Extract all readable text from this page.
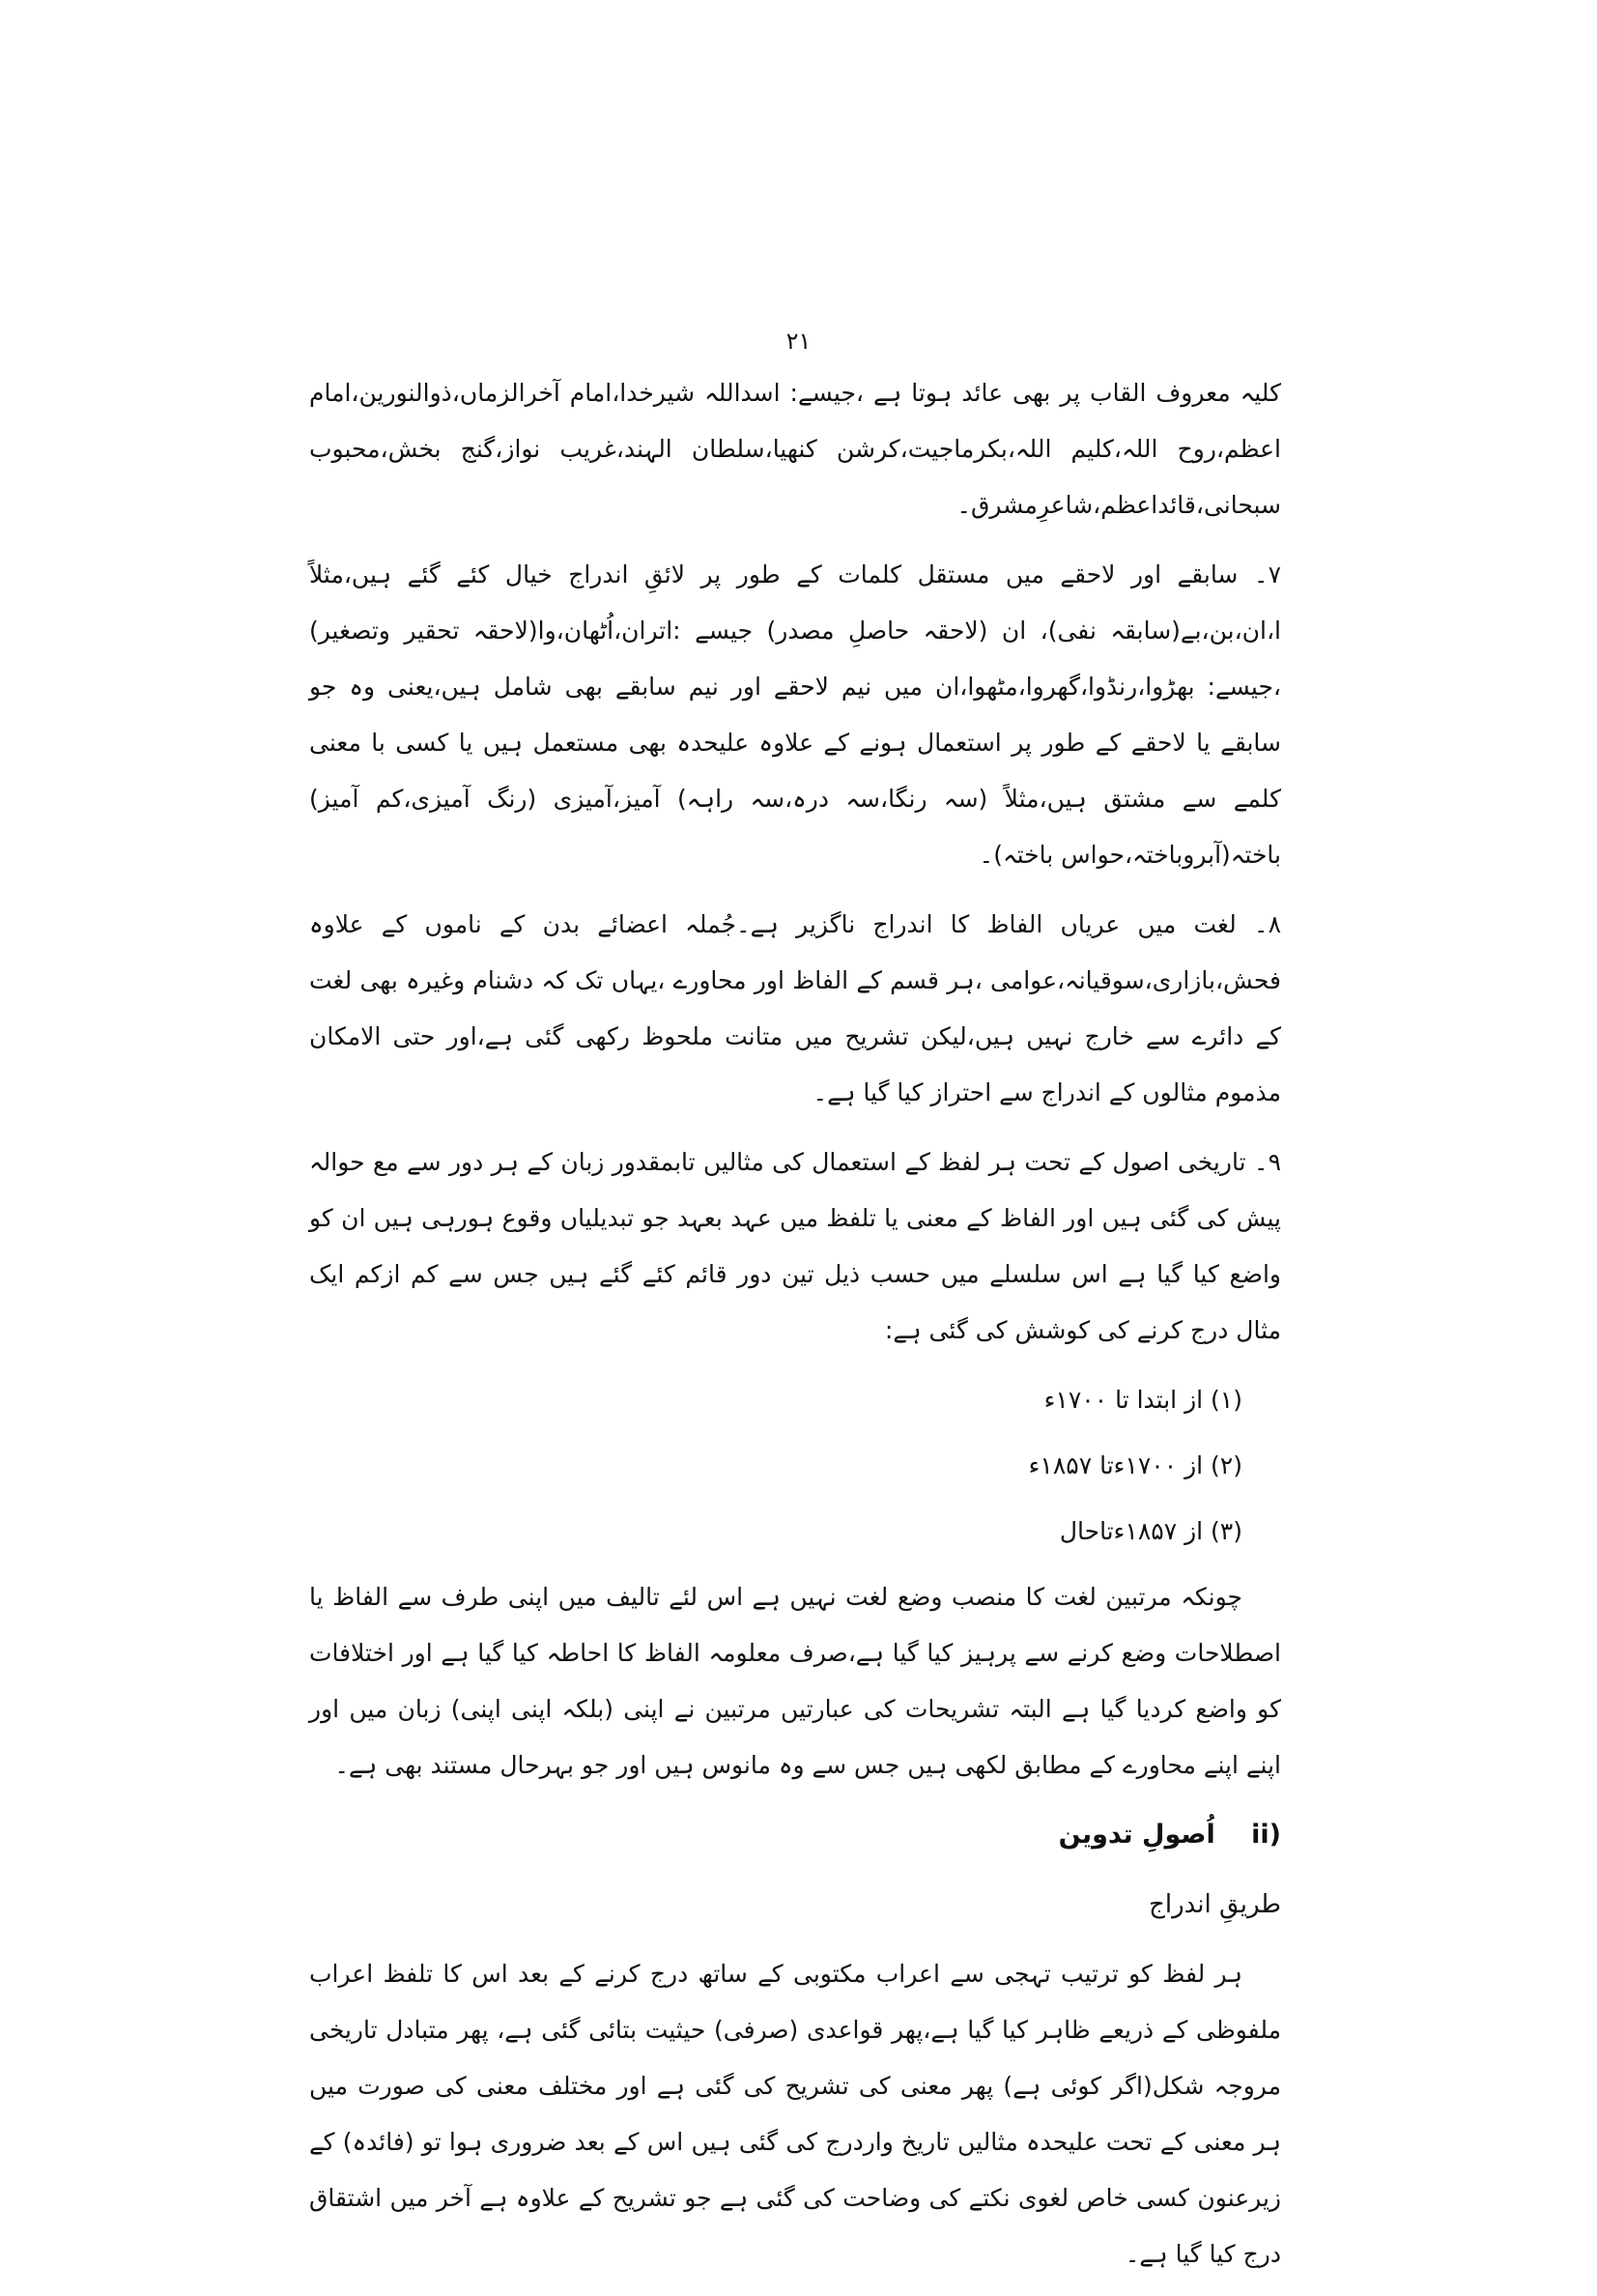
۲۱

کلیہ معروف القاب پر بھی عائد ہوتا ہے ،جیسے: اسداللہ شیرخدا،امام آخرالزماں،ذوالنورین،امام اعظم،روح اللہ،کلیم اللہ،بکرماجیت،کرشن کنھیا،سلطان الہند،غریب نواز،گنج بخش،محبوب سبحانی،قائداعظم،شاعرِمشرق۔

۷۔ سابقے اور لاحقے میں مستقل کلمات کے طور پر لائقِ اندراج خیال کئے گئے ہیں،مثلاً ا،ان،بن،بے(سابقہ نفی)، ان (لاحقہ حاصلِ مصدر) جیسے :اتران،اُٹھان،وا(لاحقہ تحقیر وتصغیر) ،جیسے: بھڑوا،رنڈوا،گھروا،مٹھوا،ان میں نیم لاحقے اور نیم سابقے بھی شامل ہیں،یعنی وہ جو سابقے یا لاحقے کے طور پر استعمال ہونے کے علاوہ علیحدہ بھی مستعمل ہیں یا کسی با معنی کلمے سے مشتق ہیں،مثلاً (سہ رنگا،سہ درہ،سہ راہہ) آمیز،آمیزی (رنگ آمیزی،کم آمیز) باختہ(آبروباختہ،حواس باختہ)۔

۸۔ لغت میں عریاں الفاظ کا اندراج ناگزیر ہے۔جُملہ اعضائے بدن کے ناموں کے علاوہ فحش،بازاری،سوقیانہ،عوامی ،ہر قسم کے الفاظ اور محاورے ،یہاں تک کہ دشنام وغیرہ بھی لغت کے دائرے سے خارج نہیں ہیں،لیکن تشریح میں متانت ملحوظ رکھی گئی ہے،اور حتی الامکان مذموم مثالوں کے اندراج سے احتراز کیا گیا ہے۔

۹۔ تاریخی اصول کے تحت ہر لفظ کے استعمال کی مثالیں تابمقدور زبان کے ہر دور سے مع حوالہ پیش کی گئی ہیں اور الفاظ کے معنی یا تلفظ میں عہد بعہد جو تبدیلیاں وقوع ہورہی ہیں ان کو واضع کیا گیا ہے اس سلسلے میں حسب ذیل تین دور قائم کئے گئے ہیں جس سے کم ازکم ایک مثال درج کرنے کی کوشش کی گئی ہے:

(۱) از ابتدا تا ۱۷۰۰ء
(۲) از ۱۷۰۰ءتا ۱۸۵۷ء
(۳) از ۱۸۵۷ءتاحال

چونکہ مرتبین لغت کا منصب وضع لغت نہیں ہے اس لئے تالیف میں اپنی طرف سے الفاظ یا اصطلاحات وضع کرنے سے پرہیز کیا گیا ہے،صرف معلومہ الفاظ کا احاطہ کیا گیا ہے اور اختلافات کو واضع کردیا گیا ہے البتہ تشریحات کی عبارتیں مرتبین نے اپنی (بلکہ اپنی اپنی) زبان میں اور اپنے اپنے محاورے کے مطابق لکھی ہیں جس سے وہ مانوس ہیں اور جو بہرحال مستند بھی ہے۔

ii) اُصولِ تدوین
طریقِ اندراج

ہر لفظ کو ترتیب تہجی سے اعراب مکتوبی کے ساتھ درج کرنے کے بعد اس کا تلفظ اعراب ملفوظی کے ذریعے ظاہر کیا گیا ہے،پھر قواعدی (صرفی) حیثیت بتائی گئی ہے، پھر متبادل تاریخی مروجہ شکل(اگر کوئی ہے) پھر معنی کی تشریح کی گئی ہے اور مختلف معنی کی صورت میں ہر معنی کے تحت علیحدہ مثالیں تاریخ واردرج کی گئی ہیں اس کے بعد ضروری ہوا تو (فائدہ) کے زیرعنون کسی خاص لغوی نکتے کی وضاحت کی گئی ہے جو تشریح کے علاوہ ہے آخر میں اشتقاق درج کیا گیا ہے۔
